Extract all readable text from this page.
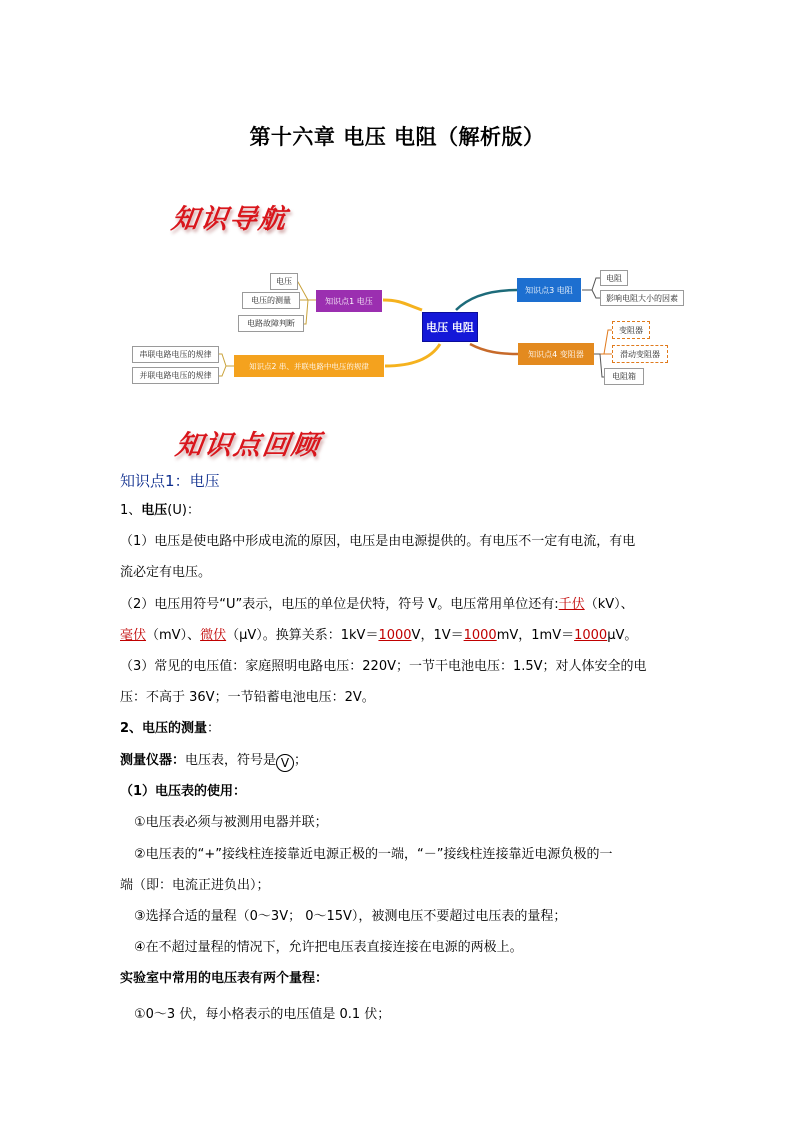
第十六章 电压 电阻（解析版）
知识导航
电压 电阻
知识点1 电压
知识点2 串、并联电路中电压的规律
知识点3 电阻
知识点4 变阻器
电压
电压的测量
电路故障判断
串联电路电压的规律
并联电路电压的规律
电阻
影响电阻大小的因素
变阻器
滑动变阻器
电阻箱
知识点回顾
知识点1：电压
1、电压(U)：
（1）电压是使电路中形成电流的原因，电压是由电源提供的。有电压不一定有电流，有电
流必定有电压。
（2）电压用符号“U”表示，电压的单位是伏特，符号 V。电压常用单位还有:千伏（kV）、
毫伏（mV）、微伏（μV）。换算关系：1kV＝1000V，1V＝1000mV，1mV＝1000μV。
（3）常见的电压值：家庭照明电路电压：220V；一节干电池电压：1.5V；对人体安全的电
压：不高于 36V；一节铅蓄电池电压：2V。
2、电压的测量：
测量仪器：电压表，符号是 V ；
（1）电压表的使用：
①电压表必须与被测用电器并联；
②电压表的“+”接线柱连接靠近电源正极的一端，“－”接线柱连接靠近电源负极的一
端（即：电流正进负出）；
③选择合适的量程（0～3V； 0～15V），被测电压不要超过电压表的量程；
④在不超过量程的情况下，允许把电压表直接连接在电源的两极上。
实验室中常用的电压表有两个量程：
①0～3 伏，每小格表示的电压值是 0.1 伏；
